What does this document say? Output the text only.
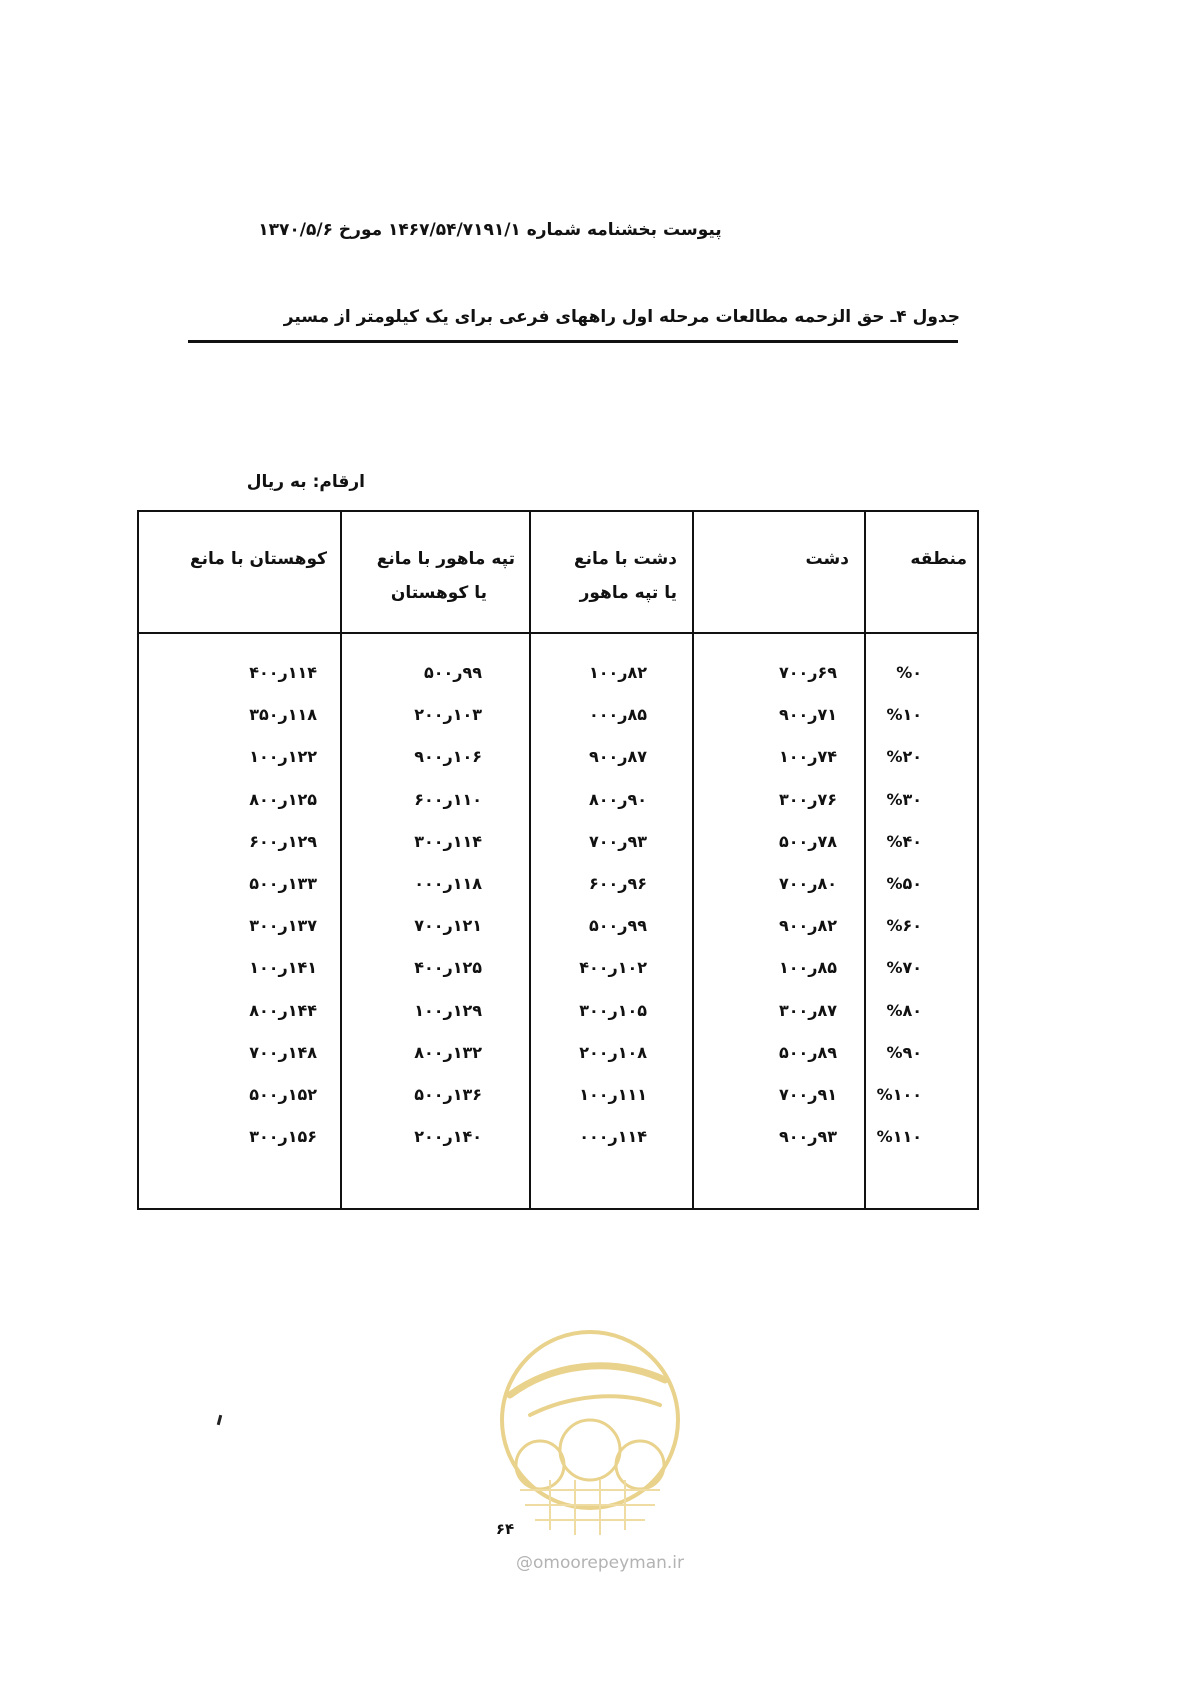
پیوست بخشنامه شماره ۱۴۶۷/۵۴/۷۱۹۱/۱ مورخ ۱۳۷۰/۵/۶
جدول ۴ـ حق الزحمه مطالعات مرحله اول راههای فرعی برای یک کیلومتر از مسیر
ارقام: به ریال
منطقه
دشت
دشت با مانع
یا تپه ماهور
تپه ماهور با مانع
یا کوهستان
کوهستان با مانع
%۰
۶۹ر۷۰۰
۸۲ر۱۰۰
۹۹ر۵۰۰
۱۱۴ر۴۰۰
%۱۰
۷۱ر۹۰۰
۸۵ر۰۰۰
۱۰۳ر۲۰۰
۱۱۸ر۳۵۰
%۲۰
۷۴ر۱۰۰
۸۷ر۹۰۰
۱۰۶ر۹۰۰
۱۲۲ر۱۰۰
%۳۰
۷۶ر۳۰۰
۹۰ر۸۰۰
۱۱۰ر۶۰۰
۱۲۵ر۸۰۰
%۴۰
۷۸ر۵۰۰
۹۳ر۷۰۰
۱۱۴ر۳۰۰
۱۲۹ر۶۰۰
%۵۰
۸۰ر۷۰۰
۹۶ر۶۰۰
۱۱۸ر۰۰۰
۱۳۳ر۵۰۰
%۶۰
۸۲ر۹۰۰
۹۹ر۵۰۰
۱۲۱ر۷۰۰
۱۳۷ر۳۰۰
%۷۰
۸۵ر۱۰۰
۱۰۲ر۴۰۰
۱۲۵ر۴۰۰
۱۴۱ر۱۰۰
%۸۰
۸۷ر۳۰۰
۱۰۵ر۳۰۰
۱۲۹ر۱۰۰
۱۴۴ر۸۰۰
%۹۰
۸۹ر۵۰۰
۱۰۸ر۲۰۰
۱۳۲ر۸۰۰
۱۴۸ر۷۰۰
%۱۰۰
۹۱ر۷۰۰
۱۱۱ر۱۰۰
۱۳۶ر۵۰۰
۱۵۲ر۵۰۰
%۱۱۰
۹۳ر۹۰۰
۱۱۴ر۰۰۰
۱۴۰ر۲۰۰
۱۵۶ر۳۰۰
۶۴
@omoorepeyman.ir
